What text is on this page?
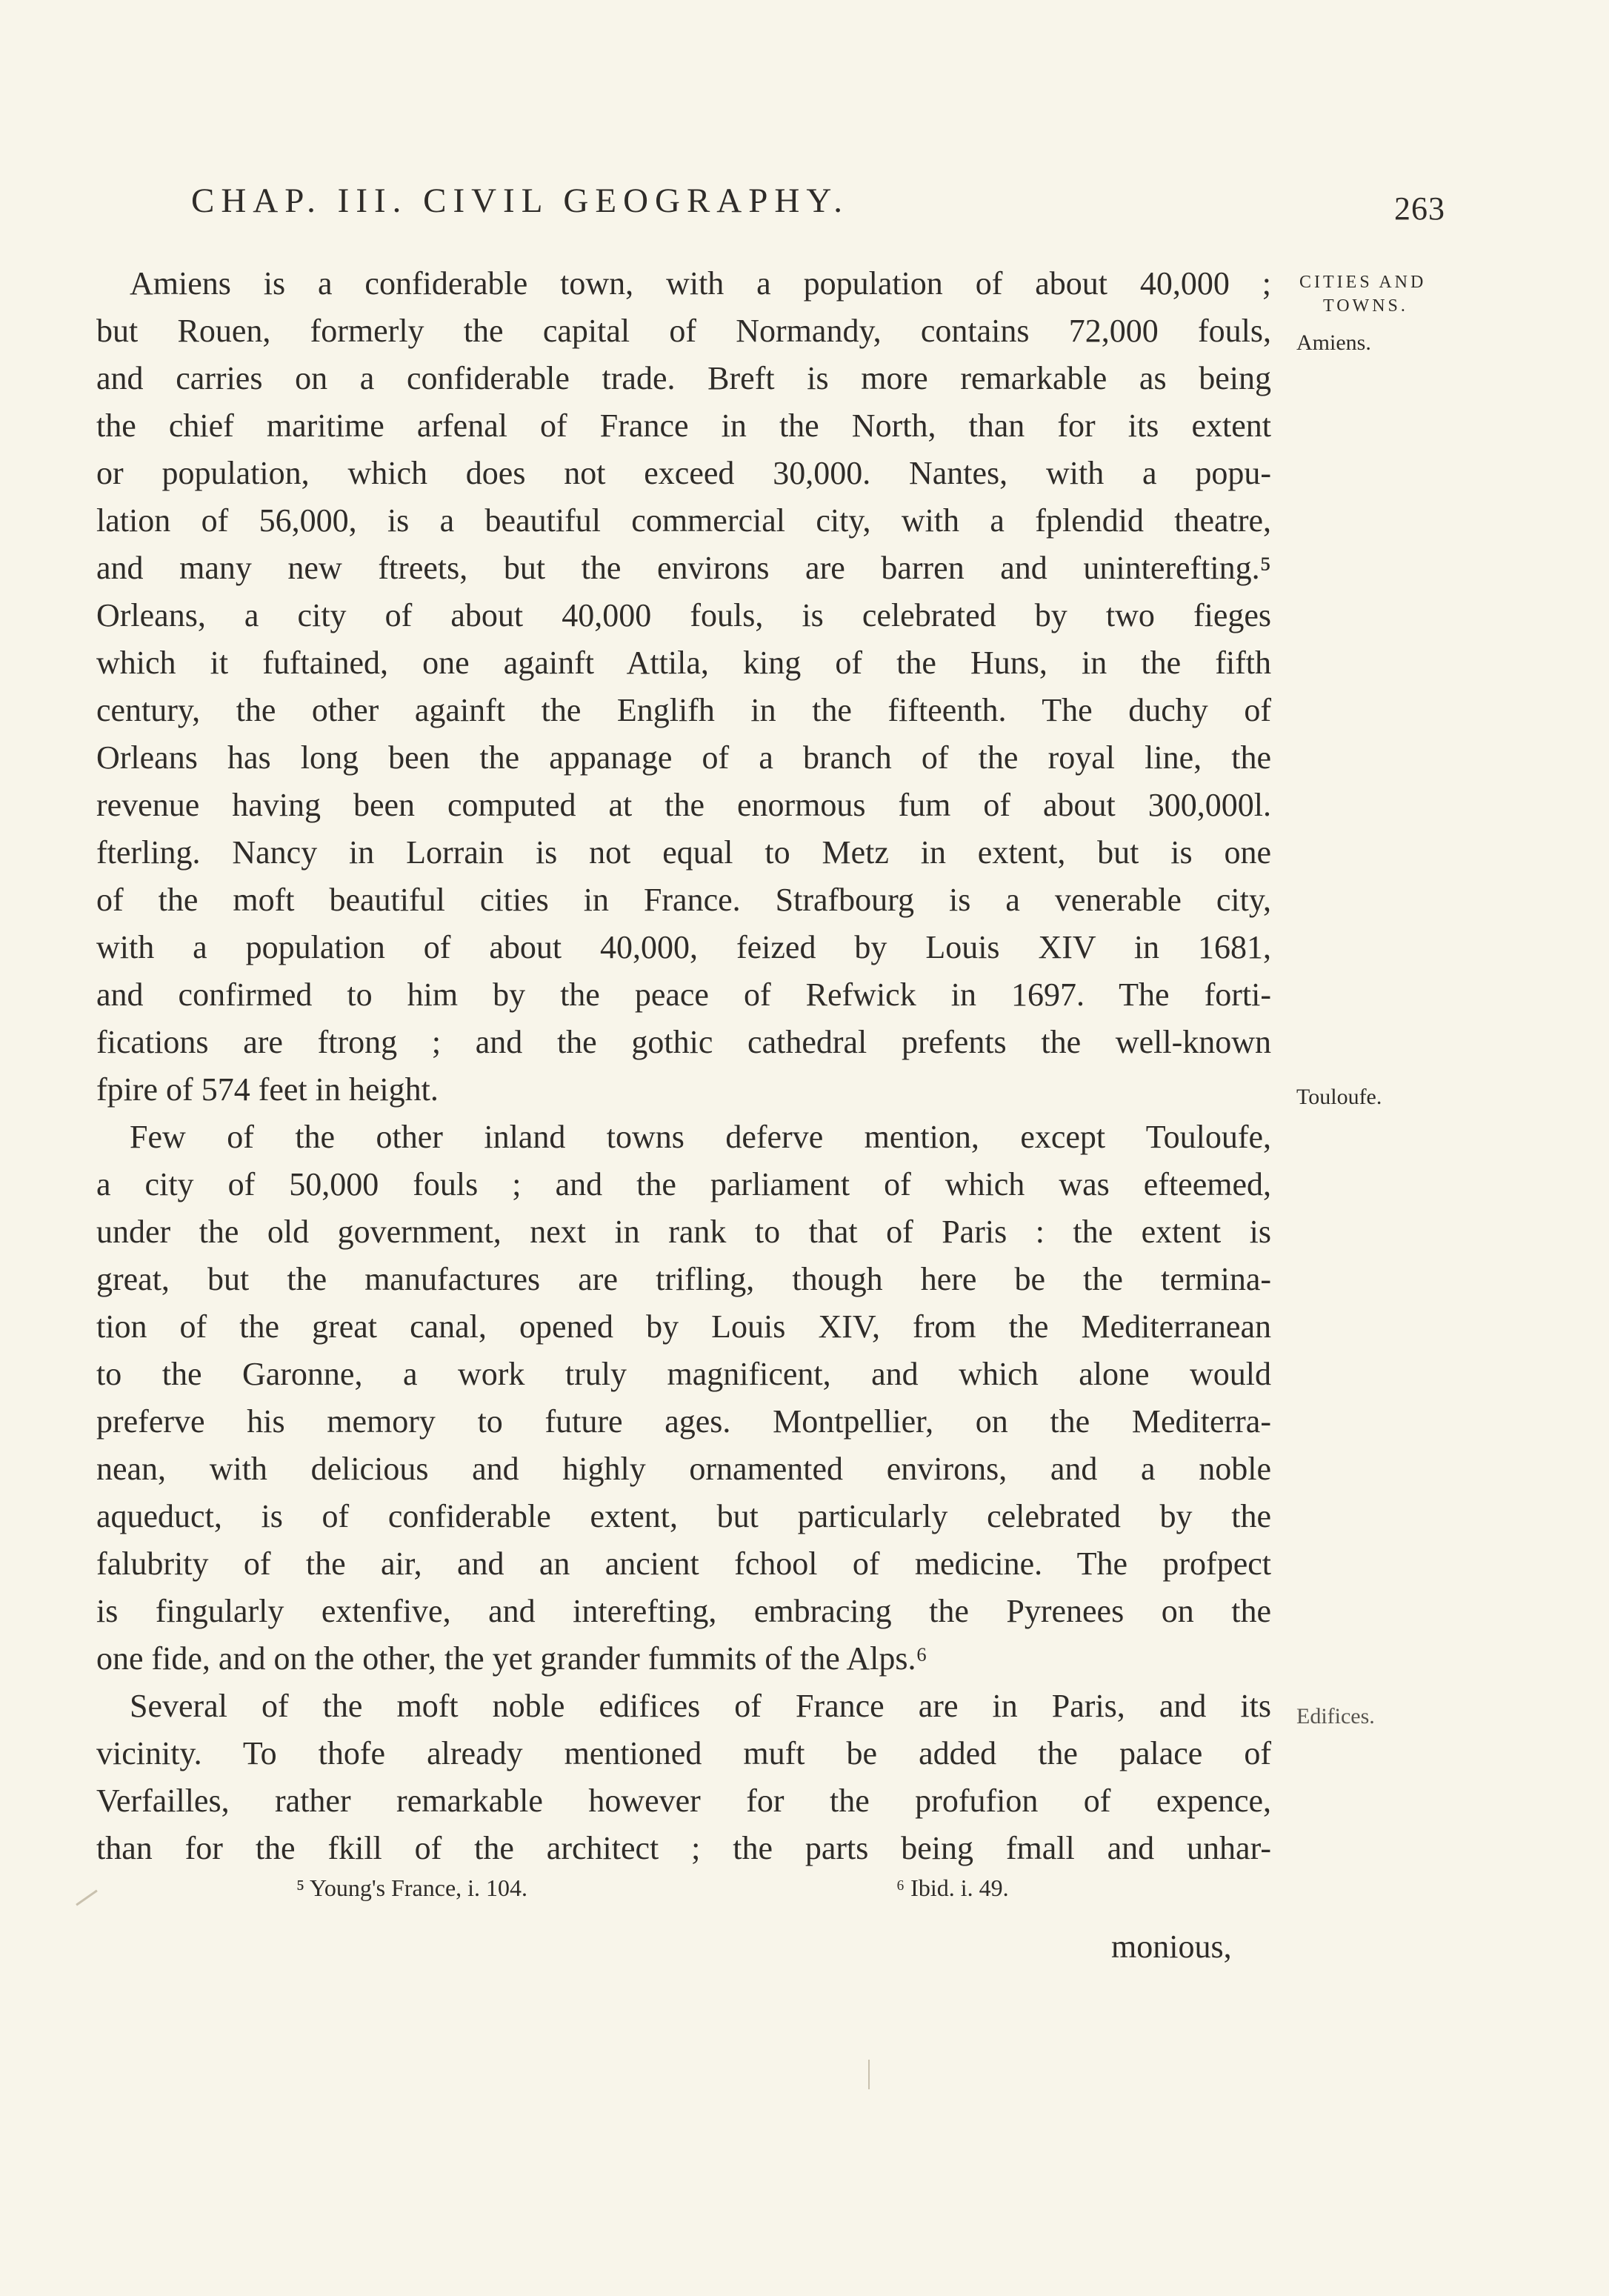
CHAP. III. CIVIL GEOGRAPHY.	263
CITIES AND
TOWNS.
Amiens.
Touloufe.
Edifices.
Amiens is a confiderable town, with a population of about 40,000 ;
but Rouen, formerly the capital of Normandy, contains 72,000 fouls,
and carries on a confiderable trade. Breft is more remarkable as being
the chief maritime arfenal of France in the North, than for its extent
or population, which does not exceed 30,000. Nantes, with a popu-
lation of 56,000, is a beautiful commercial city, with a fplendid theatre,
and many new ftreets, but the environs are barren and uninterefting.⁵
Orleans, a city of about 40,000 fouls, is celebrated by two fieges
which it fuftained, one againft Attila, king of the Huns, in the fifth
century, the other againft the Englifh in the fifteenth. The duchy of
Orleans has long been the appanage of a branch of the royal line, the
revenue having been computed at the enormous fum of about 300,000l.
fterling. Nancy in Lorrain is not equal to Metz in extent, but is one
of the moft beautiful cities in France. Strafbourg is a venerable city,
with a population of about 40,000, feized by Louis XIV in 1681,
and confirmed to him by the peace of Refwick in 1697. The forti-
fications are ftrong ; and the gothic cathedral prefents the well-known
fpire of 574 feet in height.
Few of the other inland towns deferve mention, except Touloufe,
a city of 50,000 fouls ; and the parliament of which was efteemed,
under the old government, next in rank to that of Paris : the extent is
great, but the manufactures are trifling, though here be the termina-
tion of the great canal, opened by Louis XIV, from the Mediterranean
to the Garonne, a work truly magnificent, and which alone would
preferve his memory to future ages. Montpellier, on the Mediterra-
nean, with delicious and highly ornamented environs, and a noble
aqueduct, is of confiderable extent, but particularly celebrated by the
falubrity of the air, and an ancient fchool of medicine. The profpect
is fingularly extenfive, and interefting, embracing the Pyrenees on the
one fide, and on the other, the yet grander fummits of the Alps.⁶
Several of the moft noble edifices of France are in Paris, and its
vicinity. To thofe already mentioned muft be added the palace of
Verfailles, rather remarkable however for the profufion of expence,
than for the fkill of the architect ; the parts being fmall and unhar-
⁵ Young's France, i. 104.	⁶ Ibid. i. 49.
monious,
